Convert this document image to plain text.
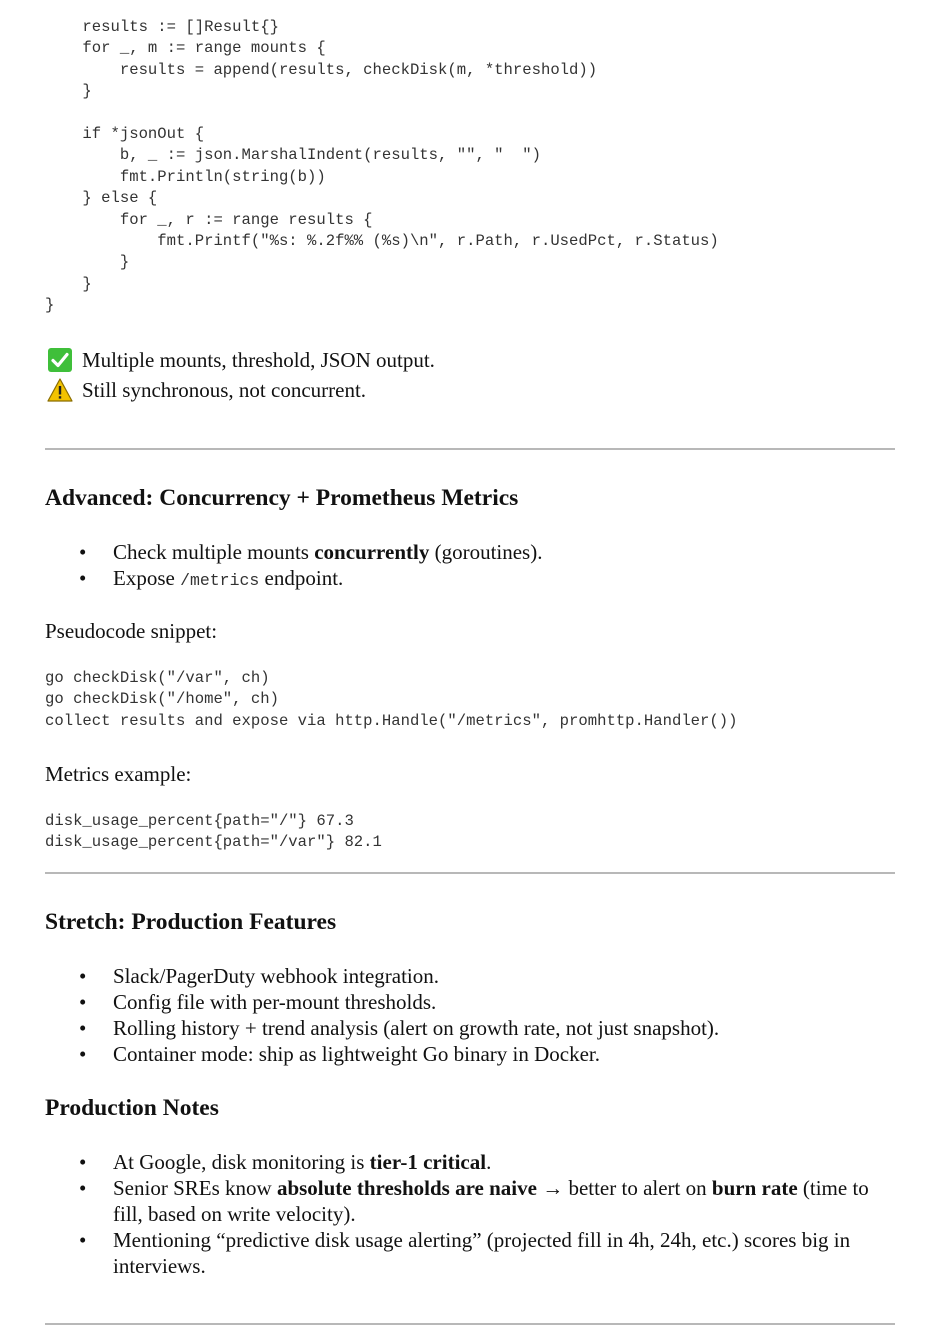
results := []Result{}
for _, m := range mounts {
results = append(results, checkDisk(m, *threshold))
}
if *jsonOut {
b, _ := json.MarshalIndent(results, "", "  ")
fmt.Println(string(b))
} else {
for _, r := range results {
fmt.Printf("%s: %.2f%% (%s)\n", r.Path, r.UsedPct, r.Status)
}
}
}
Multiple mounts, threshold, JSON output.
Still synchronous, not concurrent.
Advanced: Concurrency + Prometheus Metrics
• Check multiple mounts concurrently (goroutines).
• Expose /metrics endpoint.

Pseudocode snippet:

go checkDisk("/var", ch)
go checkDisk("/home", ch)
collect results and expose via http.Handle("/metrics", promhttp.Handler())

Metrics example:

disk_usage_percent{path="/"} 67.3
disk_usage_percent{path="/var"} 82.1
Stretch: Production Features
• Slack/PagerDuty webhook integration.
• Config file with per-mount thresholds.
• Rolling history + trend analysis (alert on growth rate, not just snapshot).
• Container mode: ship as lightweight Go binary in Docker.
Production Notes
• At Google, disk monitoring is tier-1 critical.
• Senior SREs know absolute thresholds are naive → better to alert on burn rate (time to fill, based on write velocity).
• Mentioning “predictive disk usage alerting” (projected fill in 4h, 24h, etc.) scores big in interviews.
